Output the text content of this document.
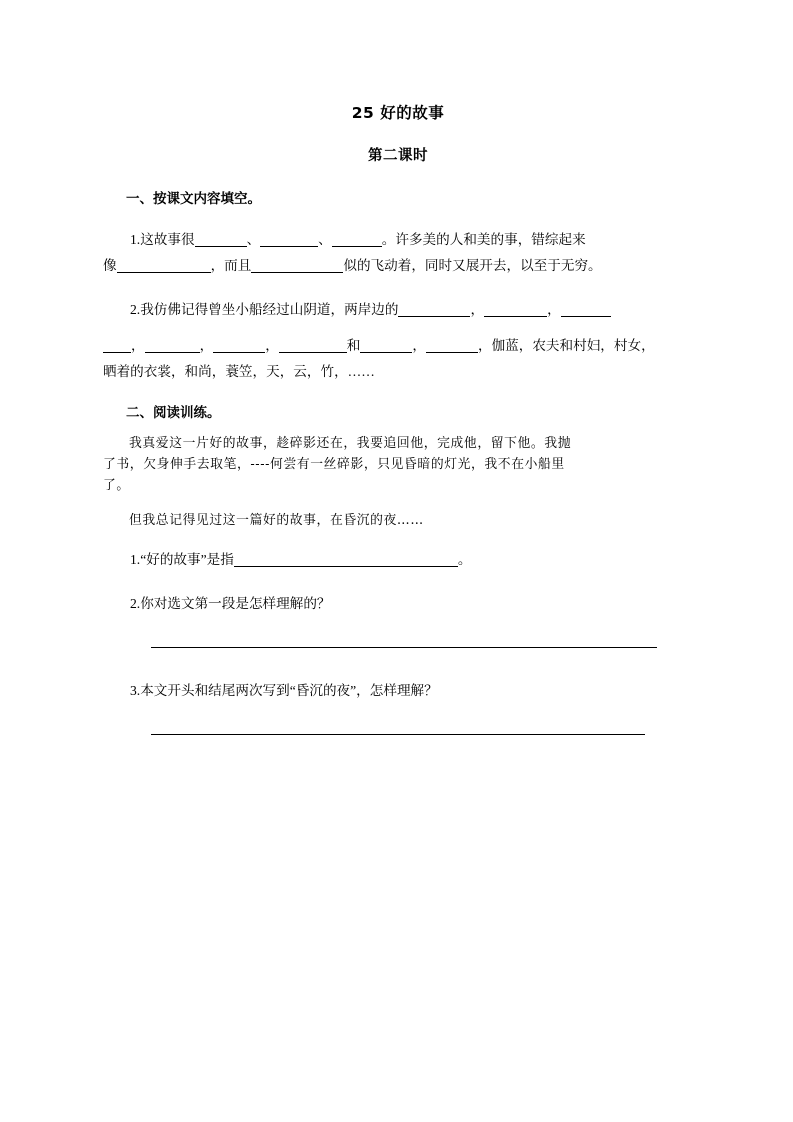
25 好的故事
第二课时
一、按课文内容填空。
1.这故事很	、	、	。许多美的人和美的事，错综起来
像	，而且	似的飞动着，同时又展开去，以至于无穷。
2.我仿佛记得曾坐小船经过山阴道，两岸边的	，	，
，	，	，	和	，	，伽蓝，农夫和村妇，村女，
晒着的衣裳，和尚，蓑笠，天，云，竹，……
二、阅读训练。
我真爱这一片好的故事，趁碎影还在，我要追回他，完成他，留下他。我抛
了书，欠身伸手去取笔，----何尝有一丝碎影，只见昏暗的灯光，我不在小船里
了。
但我总记得见过这一篇好的故事，在昏沉的夜……
1.“好的故事”是指	。
2.你对选文第一段是怎样理解的？
3.本文开头和结尾两次写到“昏沉的夜”，怎样理解？
